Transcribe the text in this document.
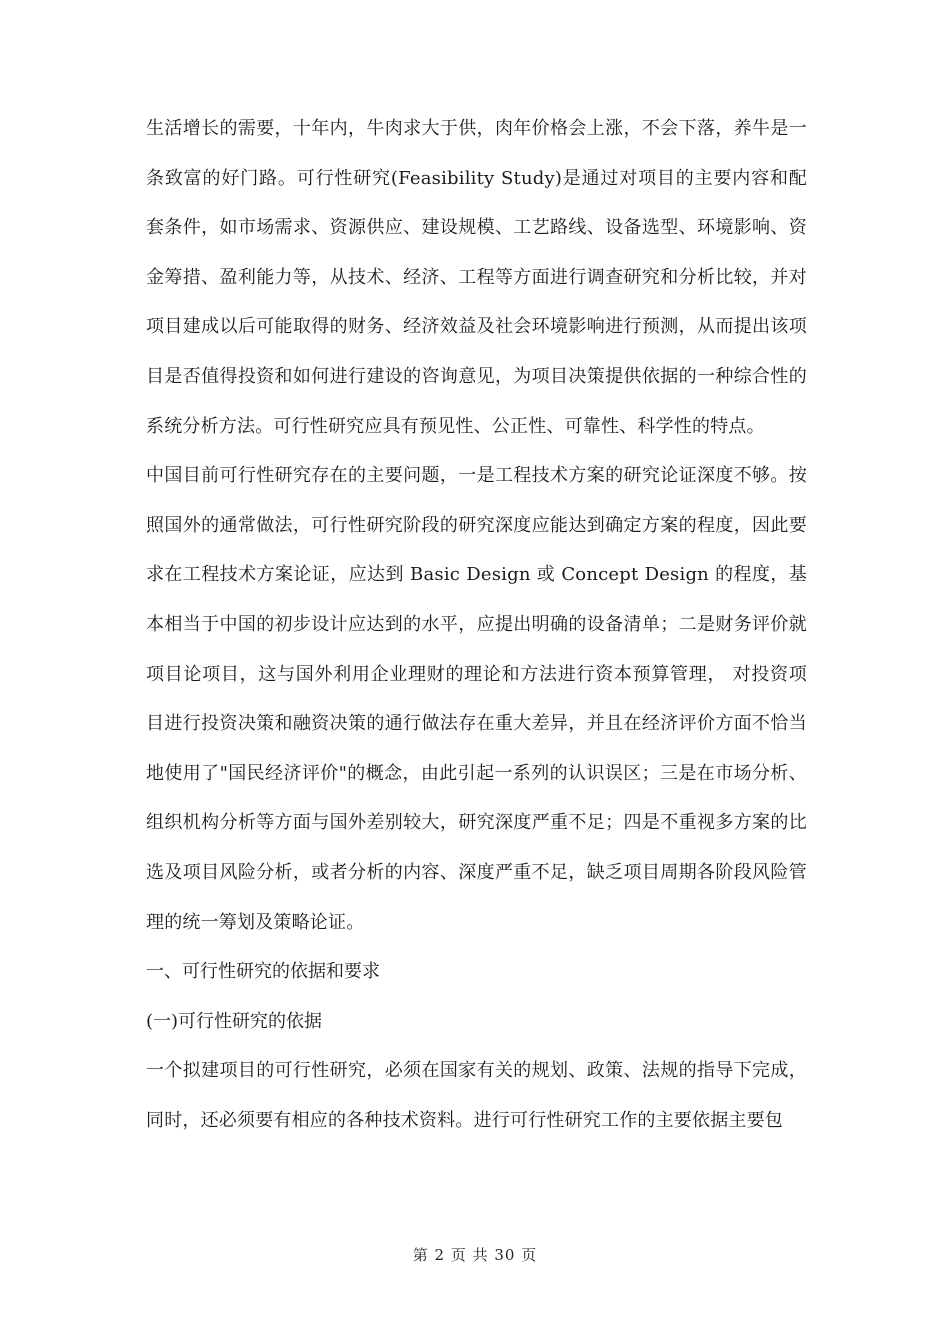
生活增长的需要，十年内，牛肉求大于供，肉年价格会上涨，不会下落，养牛是一条致富的好门路。可行性研究(Feasibility Study)是通过对项目的主要内容和配套条件，如市场需求、资源供应、建设规模、工艺路线、设备选型、环境影响、资金筹措、盈利能力等，从技术、经济、工程等方面进行调查研究和分析比较，并对项目建成以后可能取得的财务、经济效益及社会环境影响进行预测，从而提出该项目是否值得投资和如何进行建设的咨询意见，为项目决策提供依据的一种综合性的系统分析方法。可行性研究应具有预见性、公正性、可靠性、科学性的特点。

中国目前可行性研究存在的主要问题，一是工程技术方案的研究论证深度不够。按照国外的通常做法，可行性研究阶段的研究深度应能达到确定方案的程度，因此要求在工程技术方案论证，应达到 Basic Design 或 Concept Design 的程度，基本相当于中国的初步设计应达到的水平，应提出明确的设备清单；二是财务评价就项目论项目，这与国外利用企业理财的理论和方法进行资本预算管理， 对投资项目进行投资决策和融资决策的通行做法存在重大差异，并且在经济评价方面不恰当地使用了"国民经济评价"的概念，由此引起一系列的认识误区；三是在市场分析、组织机构分析等方面与国外差别较大，研究深度严重不足；四是不重视多方案的比选及项目风险分析，或者分析的内容、深度严重不足，缺乏项目周期各阶段风险管理的统一筹划及策略论证。

一、可行性研究的依据和要求

(一)可行性研究的依据

一个拟建项目的可行性研究，必须在国家有关的规划、政策、法规的指导下完成，同时，还必须要有相应的各种技术资料。进行可行性研究工作的主要依据主要包

第 2 页 共 30 页
